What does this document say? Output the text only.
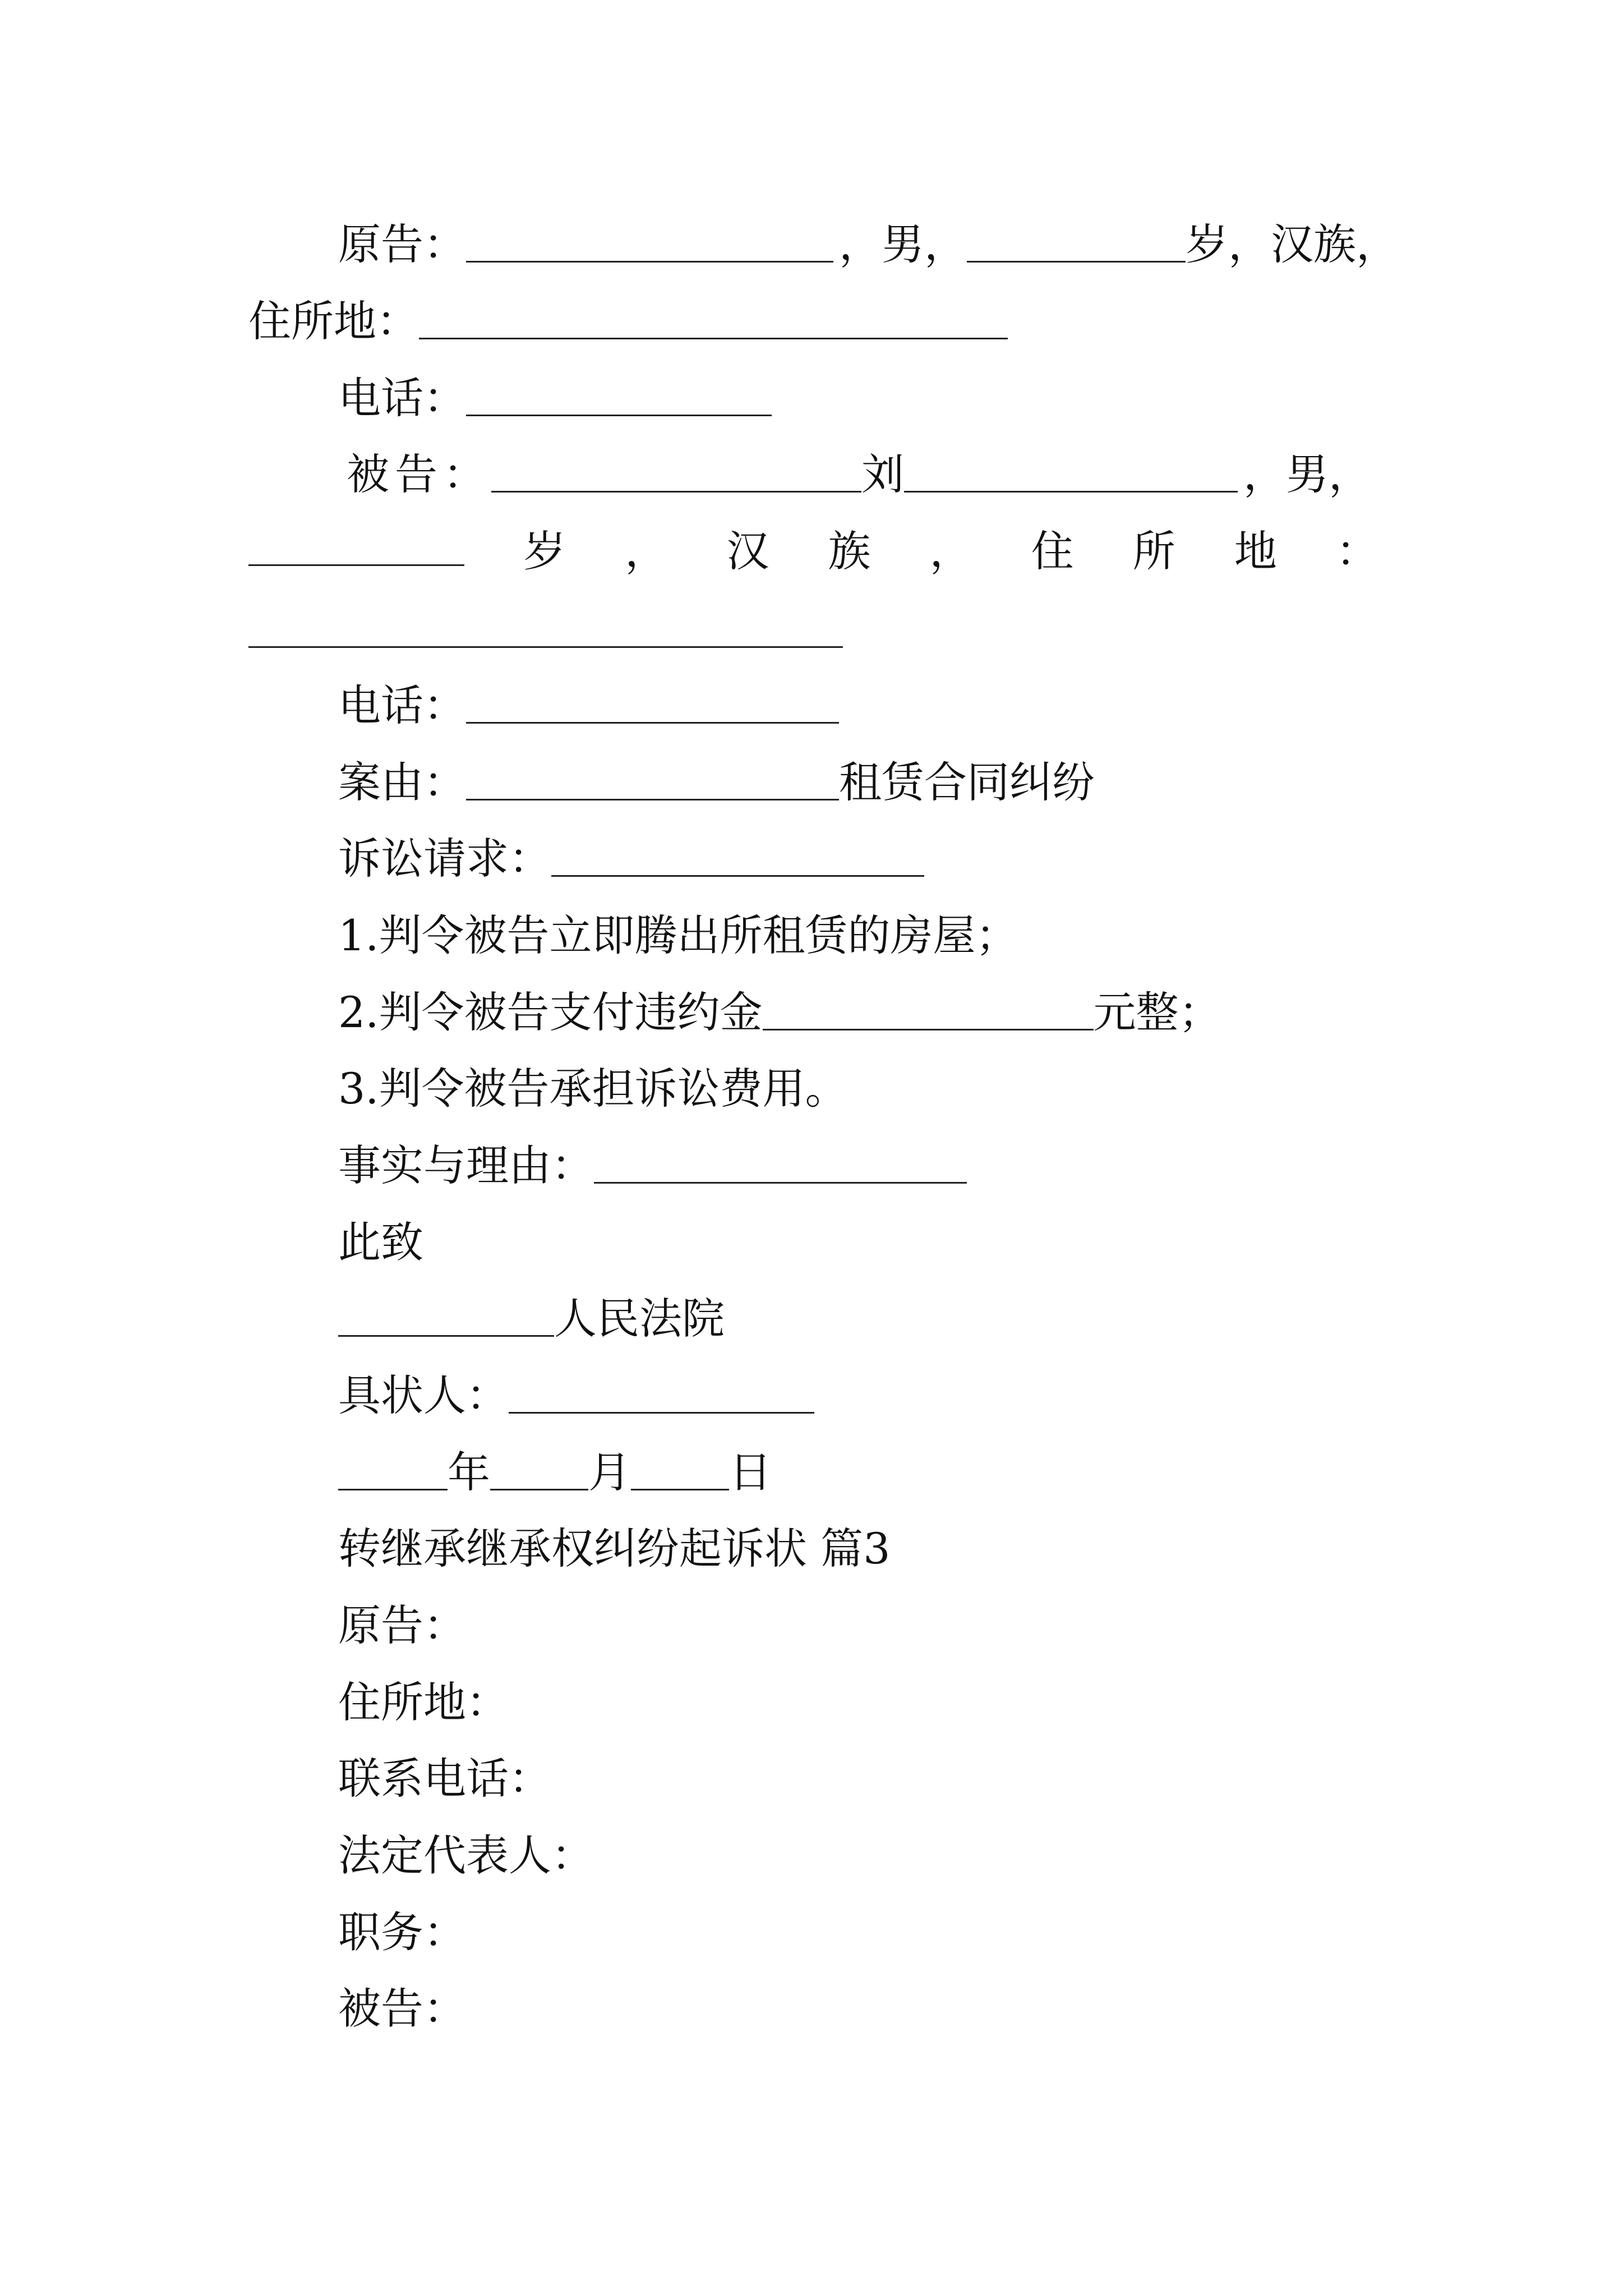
原告：	，男，	岁，汉族，
住所地：
电话：
被告：	刘	，男，
岁 ， 汉 族 ， 住 所 地 ：
电话：
案由：	租赁合同纠纷
诉讼请求：
1.判令被告立即腾出所租赁的房屋；
2.判令被告支付违约金	元整；
3.判令被告承担诉讼费用。
事实与理由：
此致
人民法院
具状人：
年 月 日
转继承继承权纠纷起诉状 篇3
原告：
住所地：
联系电话：
法定代表人：
职务：
被告：
